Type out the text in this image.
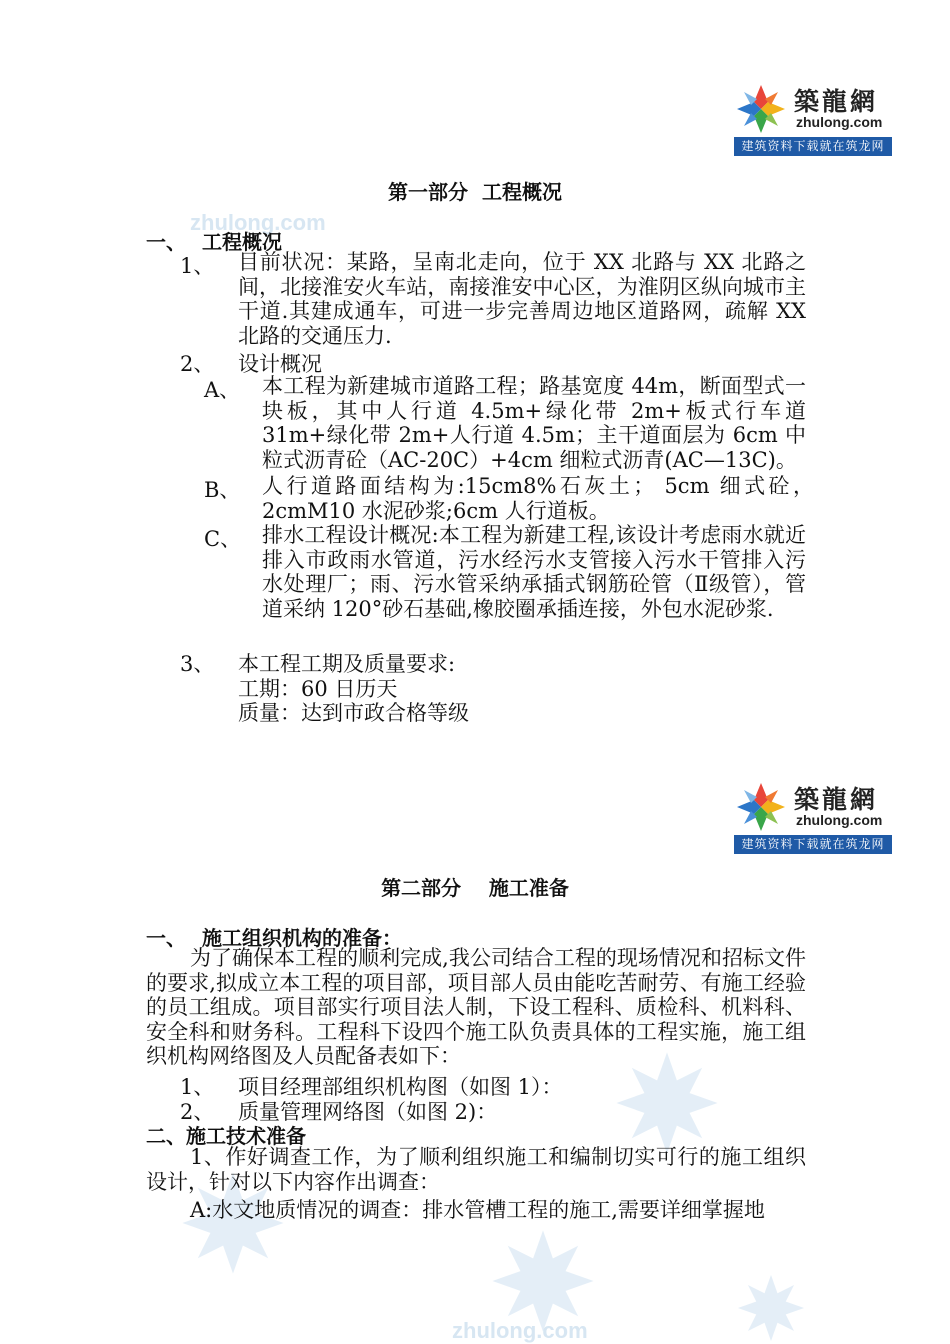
zhulong.com
zhulong.com
築龍網
zhulong.com
建筑资料下载就在筑龙网
第一部分  工程概况
一、 工程概况
1、 目前状况：某路，呈南北走向，位于 XX 北路与 XX 北路之间，北接淮安火车站，南接淮安中心区，为淮阴区纵向城市主干道.其建成通车，可进一步完善周边地区道路网，疏解 XX 北路的交通压力.
2、 设计概况
A、 本工程为新建城市道路工程；路基宽度 44m，断面型式一块板，其中人行道 4.5m+绿化带 2m+板式行车道 31m+绿化带 2m+人行道 4.5m；主干道面层为 6cm 中粒式沥青砼（AC-20C）+4cm 细粒式沥青(AC—13C)。
B、 人行道路面结构为:15cm8%石灰土； 5cm 细式砼，2cmM10 水泥砂浆;6cm 人行道板。
C、 排水工程设计概况:本工程为新建工程,该设计考虑雨水就近排入市政雨水管道，污水经污水支管接入污水干管排入污水处理厂；雨、污水管采纳承插式钢筋砼管（Ⅱ级管），管道采纳 120°砂石基础,橡胶圈承插连接，外包水泥砂浆.
3、 本工程工期及质量要求:
工期：60 日历天
质量：达到市政合格等级
築龍網
zhulong.com
建筑资料下载就在筑龙网
第二部分    施工准备
一、 施工组织机构的准备：
为了确保本工程的顺利完成,我公司结合工程的现场情况和招标文件的要求,拟成立本工程的项目部，项目部人员由能吃苦耐劳、有施工经验的员工组成。项目部实行项目法人制，下设工程科、质检科、机料科、安全科和财务科。工程科下设四个施工队负责具体的工程实施，施工组织机构网络图及人员配备表如下：
1、 项目经理部组织机构图（如图 1）：
2、 质量管理网络图（如图 2)：
二、施工技术准备
1、作好调查工作，为了顺利组织施工和编制切实可行的施工组织设计，针对以下内容作出调查：
A:水文地质情况的调查：排水管槽工程的施工,需要详细掌握地
